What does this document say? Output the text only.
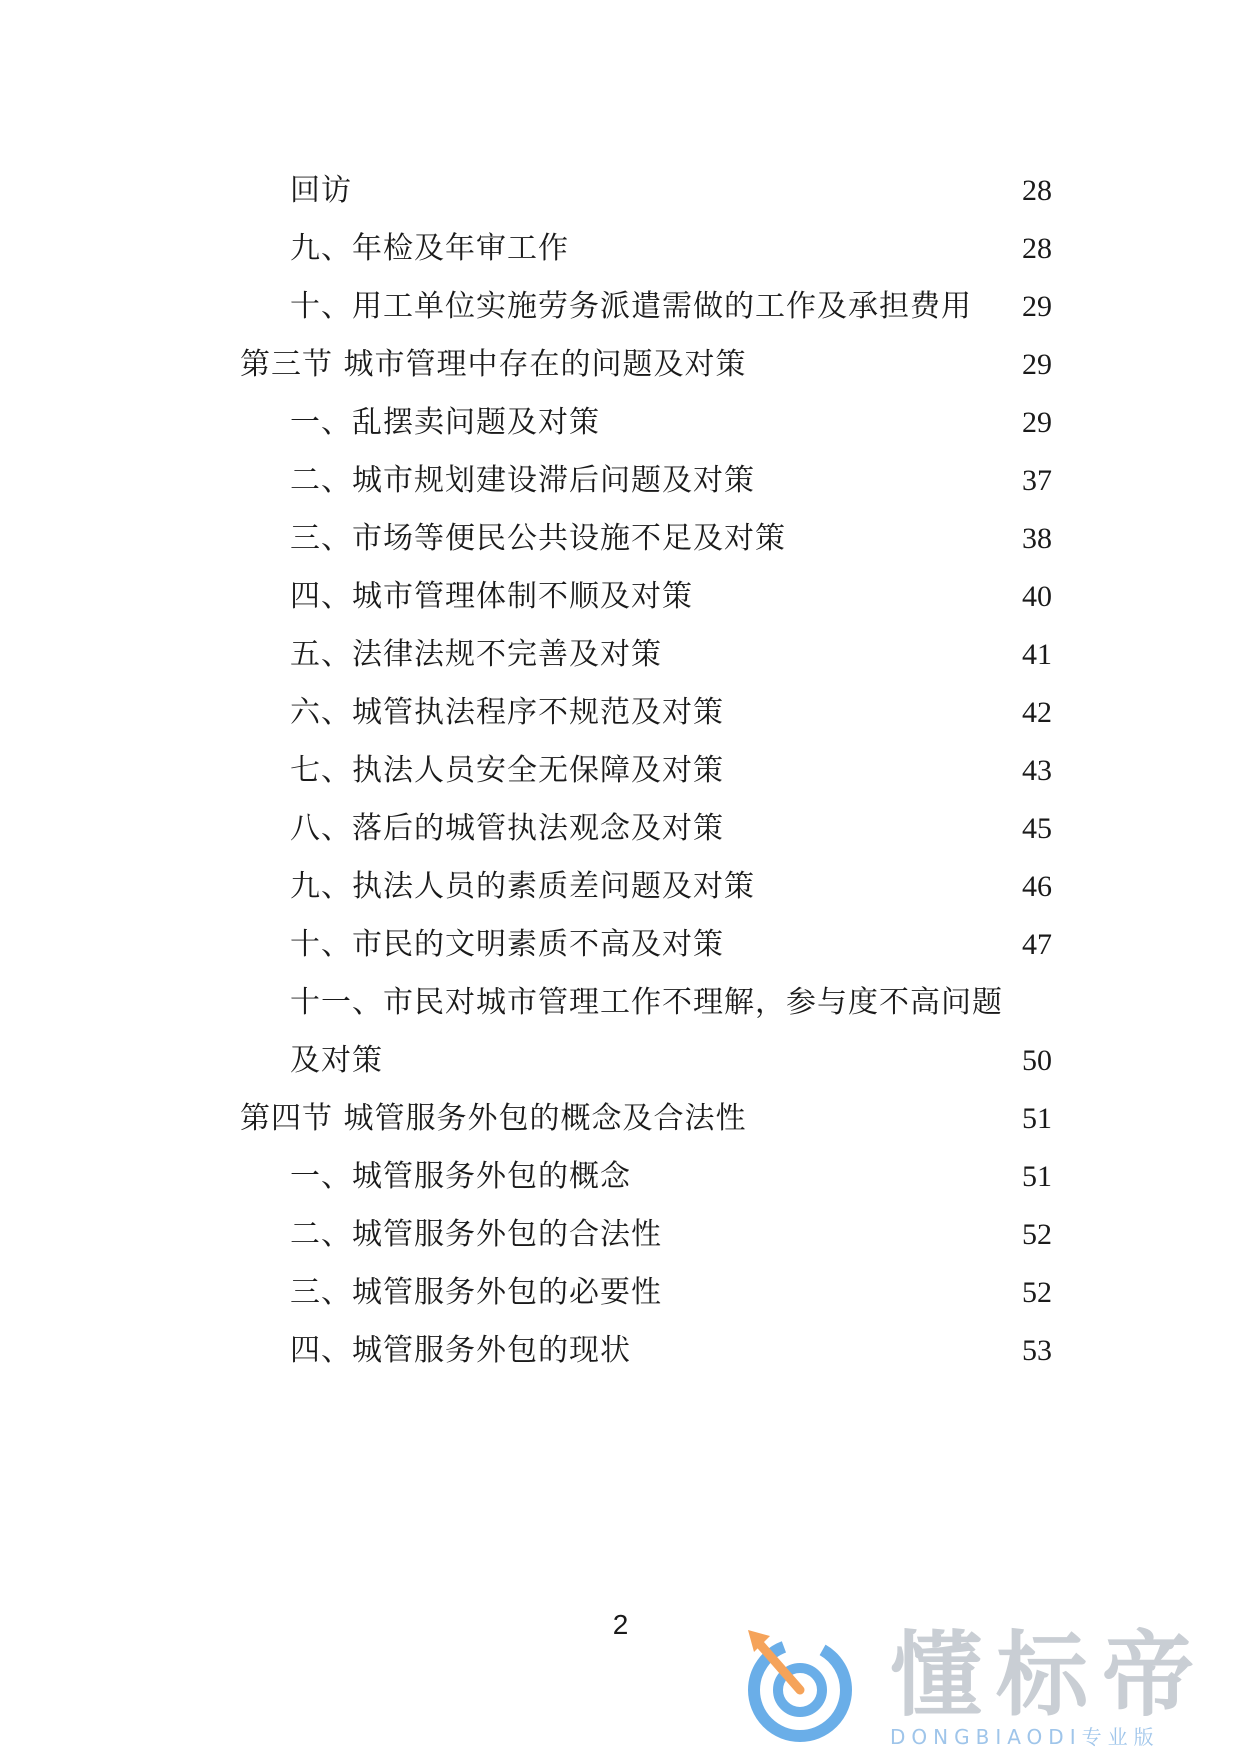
回访	28
九、年检及年审工作	28
十、用工单位实施劳务派遣需做的工作及承担费用 29
第三节 城市管理中存在的问题及对策	29
一、乱摆卖问题及对策	29
二、城市规划建设滞后问题及对策	37
三、市场等便民公共设施不足及对策	38
四、城市管理体制不顺及对策	40
五、法律法规不完善及对策	41
六、城管执法程序不规范及对策	42
七、执法人员安全无保障及对策	43
八、落后的城管执法观念及对策	45
九、执法人员的素质差问题及对策	46
十、市民的文明素质不高及对策	47
十一、市民对城市管理工作不理解，参与度不高问题
及对策	50
第四节 城管服务外包的概念及合法性	51
一、城管服务外包的概念	51
二、城管服务外包的合法性	52
三、城管服务外包的必要性	52
四、城管服务外包的现状	53
2	懂标帝
DONGBIAODI专业版
